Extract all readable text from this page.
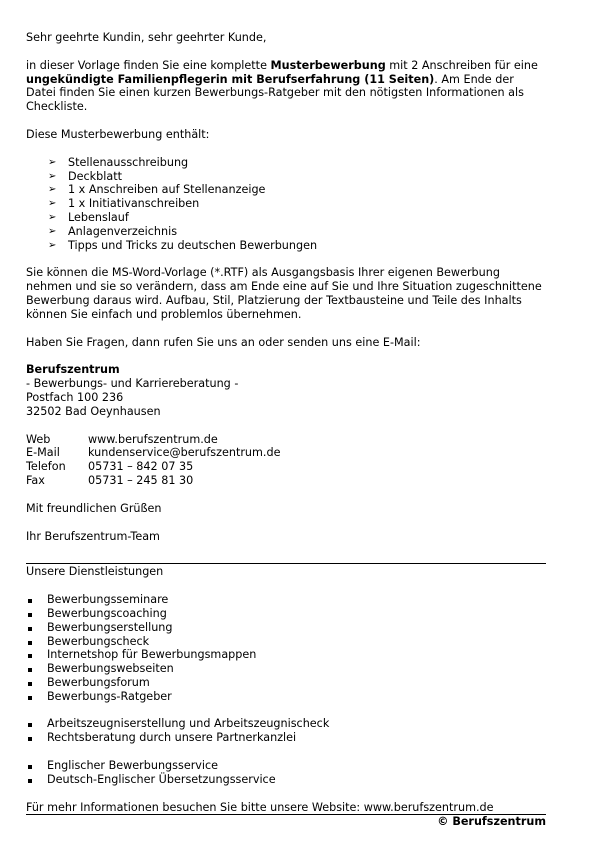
Sehr geehrte Kundin, sehr geehrter Kunde,

in dieser Vorlage finden Sie eine komplette Musterbewerbung mit 2 Anschreiben für eine ungekündigte Familienpflegerin mit Berufserfahrung (11 Seiten). Am Ende der Datei finden Sie einen kurzen Bewerbungs-Ratgeber mit den nötigsten Informationen als Checkliste.

Diese Musterbewerbung enthält:

➢ Stellenausschreibung
➢ Deckblatt
➢ 1 x Anschreiben auf Stellenanzeige
➢ 1 x Initiativanschreiben
➢ Lebenslauf
➢ Anlagenverzeichnis
➢ Tipps und Tricks zu deutschen Bewerbungen

Sie können die MS-Word-Vorlage (*.RTF) als Ausgangsbasis Ihrer eigenen Bewerbung nehmen und sie so verändern, dass am Ende eine auf Sie und Ihre Situation zugeschnittene Bewerbung daraus wird. Aufbau, Stil, Platzierung der Textbausteine und Teile des Inhalts können Sie einfach und problemlos übernehmen.

Haben Sie Fragen, dann rufen Sie uns an oder senden uns eine E-Mail:

Berufszentrum

- Bewerbungs- und Karriereberatung -

Postfach 100 236

32502 Bad Oeynhausen

Web	www.berufszentrum.de
E-Mail	kundenservice@berufszentrum.de
Telefon	05731 – 842 07 35
Fax	05731 – 245 81 30

Mit freundlichen Grüßen

Ihr Berufszentrum-Team

Unsere Dienstleistungen

Bewerbungsseminare
Bewerbungscoaching
Bewerbungserstellung
Bewerbungscheck
Internetshop für Bewerbungsmappen
Bewerbungswebseiten
Bewerbungsforum
Bewerbungs-Ratgeber
Arbeitszeugniserstellung und Arbeitszeugnischeck
Rechtsberatung durch unsere Partnerkanzlei
Englischer Bewerbungsservice
Deutsch-Englischer Übersetzungsservice

Für mehr Informationen besuchen Sie bitte unsere Website: www.berufszentrum.de

© Berufszentrum
